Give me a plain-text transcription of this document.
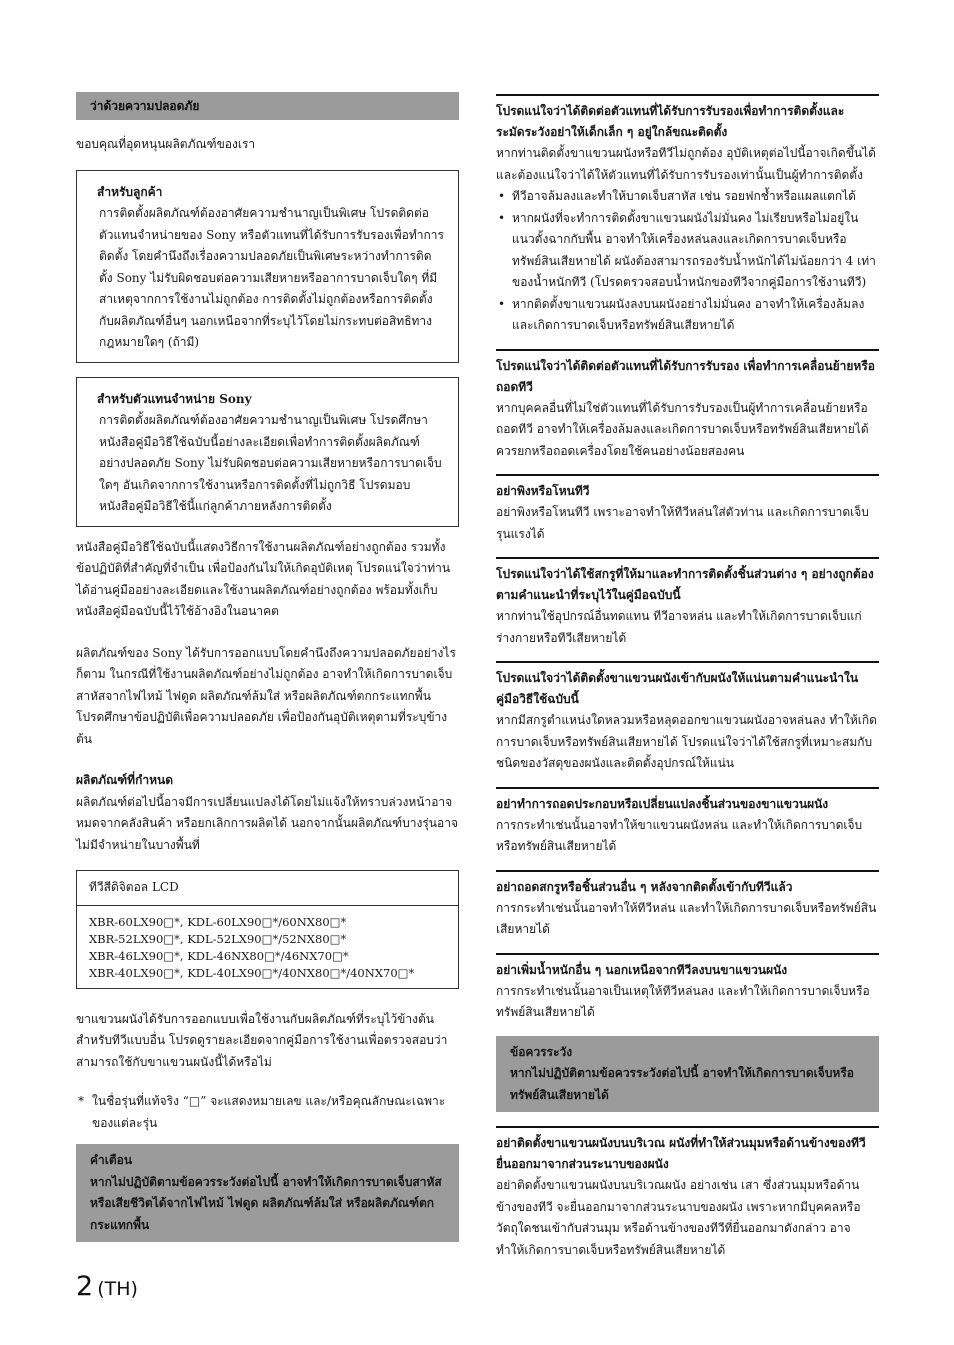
ว่าด้วยความปลอดภัย
ขอบคุณที่อุดหนุนผลิตภัณฑ์ของเรา
สำหรับลูกค้า
การติดตั้งผลิตภัณฑ์ต้องอาศัยความชำนาญเป็นพิเศษ โปรดติดต่อตัวแทนจำหน่ายของ Sony หรือตัวแทนที่ได้รับการรับรองเพื่อทำการติดตั้ง โดยคำนึงถึงเรื่องความปลอดภัยเป็นพิเศษระหว่างทำการติดตั้ง Sony ไม่รับผิดชอบต่อความเสียหายหรืออาการบาดเจ็บใดๆ ที่มีสาเหตุจากการใช้งานไม่ถูกต้อง การติดตั้งไม่ถูกต้องหรือการติดตั้งกับผลิตภัณฑ์อื่นๆ นอกเหนือจากที่ระบุไว้โดยไม่กระทบต่อสิทธิทางกฎหมายใดๆ (ถ้ามี)
สำหรับตัวแทนจำหน่าย Sony
การติดตั้งผลิตภัณฑ์ต้องอาศัยความชำนาญเป็นพิเศษ โปรดศึกษาหนังสือคู่มือวิธีใช้ฉบับนี้อย่างละเอียดเพื่อทำการติดตั้งผลิตภัณฑ์อย่างปลอดภัย Sony ไม่รับผิดชอบต่อความเสียหายหรือการบาดเจ็บใดๆ อันเกิดจากการใช้งานหรือการติดตั้งที่ไม่ถูกวิธี โปรดมอบหนังสือคู่มือวิธีใช้นี้แก่ลูกค้าภายหลังการติดตั้ง
หนังสือคู่มือวิธีใช้ฉบับนี้แสดงวิธีการใช้งานผลิตภัณฑ์อย่างถูกต้อง รวมทั้งข้อปฏิบัติที่สำคัญที่จำเป็น เพื่อป้องกันไม่ให้เกิดอุบัติเหตุ โปรดแน่ใจว่าท่านได้อ่านคู่มืออย่างละเอียดและใช้งานผลิตภัณฑ์อย่างถูกต้อง พร้อมทั้งเก็บหนังสือคู่มือฉบับนี้ไว้ใช้อ้างอิงในอนาคต
ผลิตภัณฑ์ของ Sony ได้รับการออกแบบโดยคำนึงถึงความปลอดภัยอย่างไรก็ตาม ในกรณีที่ใช้งานผลิตภัณฑ์อย่างไม่ถูกต้อง อาจทำให้เกิดการบาดเจ็บสาหัสจากไฟไหม้ ไฟดูด ผลิตภัณฑ์ล้มใส่ หรือผลิตภัณฑ์ตกกระแทกพื้น โปรดศึกษาข้อปฏิบัติเพื่อความปลอดภัย เพื่อป้องกันอุบัติเหตุตามที่ระบุข้างต้น
ผลิตภัณฑ์ที่กำหนด
ผลิตภัณฑ์ต่อไปนี้อาจมีการเปลี่ยนแปลงได้โดยไม่แจ้งให้ทราบล่วงหน้าอาจหมดจากคลังสินค้า หรือยกเลิกการผลิตได้ นอกจากนั้นผลิตภัณฑ์บางรุ่นอาจไม่มีจำหน่ายในบางพื้นที่
ทีวีสีดิจิตอล LCD
XBR-60LX90□*, KDL-60LX90□*/60NX80□*
XBR-52LX90□*, KDL-52LX90□*/52NX80□*
XBR-46LX90□*, KDL-46NX80□*/46NX70□*
XBR-40LX90□*, KDL-40LX90□*/40NX80□*/40NX70□*
ขาแขวนผนังได้รับการออกแบบเพื่อใช้งานกับผลิตภัณฑ์ที่ระบุไว้ข้างต้นสำหรับทีวีแบบอื่น โปรดดูรายละเอียดจากคู่มือการใช้งานเพื่อตรวจสอบว่าสามารถใช้กับขาแขวนผนังนี้ได้หรือไม่
* ในชื่อรุ่นที่แท้จริง “□” จะแสดงหมายเลข และ/หรือคุณลักษณะเฉพาะของแต่ละรุ่น
คำเตือน
หากไม่ปฏิบัติตามข้อควรระวังต่อไปนี้ อาจทำให้เกิดการบาดเจ็บสาหัสหรือเสียชีวิตได้จากไฟไหม้ ไฟดูด ผลิตภัณฑ์ล้มใส่ หรือผลิตภัณฑ์ตกกระแทกพื้น
โปรดแน่ใจว่าได้ติดต่อตัวแทนที่ได้รับการรับรองเพื่อทำการติดตั้งและระมัดระวังอย่าให้เด็กเล็ก ๆ อยู่ใกล้ขณะติดตั้ง
หากท่านติดตั้งขาแขวนผนังหรือทีวีไม่ถูกต้อง อุบัติเหตุต่อไปนี้อาจเกิดขึ้นได้ และต้องแน่ใจว่าได้ให้ตัวแทนที่ได้รับการรับรองเท่านั้นเป็นผู้ทำการติดตั้ง
• ทีวีอาจล้มลงและทำให้บาดเจ็บสาหัส เช่น รอยฟกช้ำหรือแผลแตกได้
• หากผนังที่จะทำการติดตั้งขาแขวนผนังไม่มั่นคง ไม่เรียบหรือไม่อยู่ในแนวตั้งฉากกับพื้น อาจทำให้เครื่องหล่นลงและเกิดการบาดเจ็บหรือทรัพย์สินเสียหายได้ ผนังต้องสามารถรองรับน้ำหนักได้ไม่น้อยกว่า 4 เท่าของน้ำหนักทีวี (โปรดตรวจสอบน้ำหนักของทีวีจากคู่มือการใช้งานทีวี)
• หากติดตั้งขาแขวนผนังลงบนผนังอย่างไม่มั่นคง อาจทำให้เครื่องล้มลงและเกิดการบาดเจ็บหรือทรัพย์สินเสียหายได้
โปรดแน่ใจว่าได้ติดต่อตัวแทนที่ได้รับการรับรอง เพื่อทำการเคลื่อนย้ายหรือถอดทีวี
หากบุคคลอื่นที่ไม่ใช่ตัวแทนที่ได้รับการรับรองเป็นผู้ทำการเคลื่อนย้ายหรือถอดทีวี อาจทำให้เครื่องล้มลงและเกิดการบาดเจ็บหรือทรัพย์สินเสียหายได้ ควรยกหรือถอดเครื่องโดยใช้คนอย่างน้อยสองคน
อย่าพิงหรือโหนทีวี
อย่าพิงหรือโหนทีวี เพราะอาจทำให้ทีวีหล่นใส่ตัวท่าน และเกิดการบาดเจ็บรุนแรงได้
โปรดแน่ใจว่าได้ใช้สกรูที่ให้มาและทำการติดตั้งชิ้นส่วนต่าง ๆ อย่างถูกต้องตามคำแนะนำที่ระบุไว้ในคู่มือฉบับนี้
หากท่านใช้อุปกรณ์อื่นทดแทน ทีวีอาจหล่น และทำให้เกิดการบาดเจ็บแก่ร่างกายหรือทีวีเสียหายได้
โปรดแน่ใจว่าได้ติดตั้งขาแขวนผนังเข้ากับผนังให้แน่นตามคำแนะนำในคู่มือวิธีใช้ฉบับนี้
หากมีสกรูตำแหน่งใดหลวมหรือหลุดออกขาแขวนผนังอาจหล่นลง ทำให้เกิดการบาดเจ็บหรือทรัพย์สินเสียหายได้ โปรดแน่ใจว่าได้ใช้สกรูที่เหมาะสมกับชนิดของวัสดุของผนังและติดตั้งอุปกรณ์ให้แน่น
อย่าทำการถอดประกอบหรือเปลี่ยนแปลงชิ้นส่วนของขาแขวนผนัง
การกระทำเช่นนั้นอาจทำให้ขาแขวนผนังหล่น และทำให้เกิดการบาดเจ็บหรือทรัพย์สินเสียหายได้
อย่าถอดสกรูหรือชิ้นส่วนอื่น ๆ หลังจากติดตั้งเข้ากับทีวีแล้ว
การกระทำเช่นนั้นอาจทำให้ทีวีหล่น และทำให้เกิดการบาดเจ็บหรือทรัพย์สินเสียหายได้
อย่าเพิ่มน้ำหนักอื่น ๆ นอกเหนือจากทีวีลงบนขาแขวนผนัง
การกระทำเช่นนั้นอาจเป็นเหตุให้ทีวีหล่นลง และทำให้เกิดการบาดเจ็บหรือทรัพย์สินเสียหายได้
ข้อควรระวัง
หากไม่ปฏิบัติตามข้อควรระวังต่อไปนี้ อาจทำให้เกิดการบาดเจ็บหรือทรัพย์สินเสียหายได้
อย่าติดตั้งขาแขวนผนังบนบริเวณ ผนังที่ทำให้ส่วนมุมหรือด้านข้างของทีวียื่นออกมาจากส่วนระนาบของผนัง
อย่าติดตั้งขาแขวนผนังบนบริเวณผนัง อย่างเช่น เสา ซึ่งส่วนมุมหรือด้านข้างของทีวี จะยื่นออกมาจากส่วนระนาบของผนัง เพราะหากมีบุคคลหรือวัตถุใดชนเข้ากับส่วนมุม หรือด้านข้างของทีวีที่ยื่นออกมาดังกล่าว อาจทำให้เกิดการบาดเจ็บหรือทรัพย์สินเสียหายได้
2 (TH)
